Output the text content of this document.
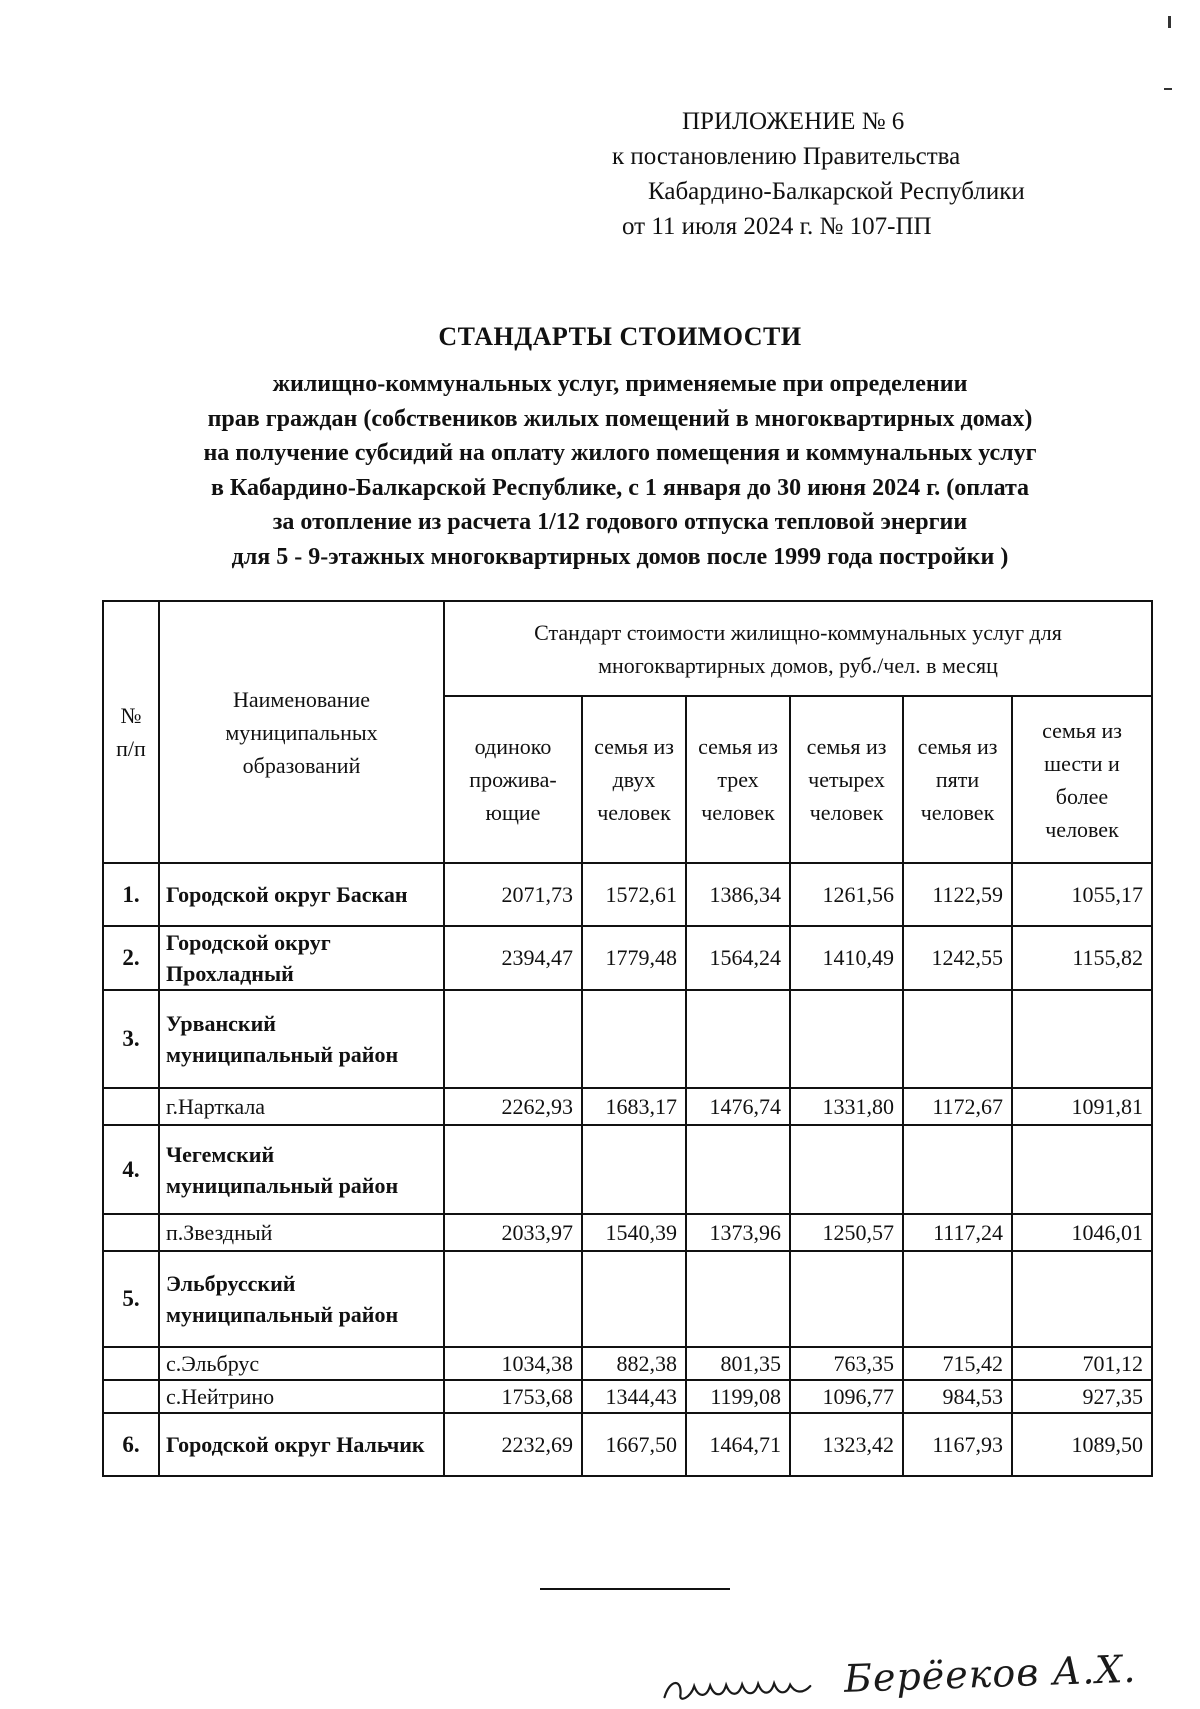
ПРИЛОЖЕНИЕ № 6
к постановлению Правительства
Кабардино-Балкарской Республики
от 11 июля 2024 г. № 107-ПП
СТАНДАРТЫ СТОИМОСТИ
жилищно-коммунальных услуг, применяемые при определении
прав граждан (собствеников жилых помещений в многоквартирных домах)
на получение субсидий на оплату жилого помещения и коммунальных услуг
в Кабардино-Балкарской Республике, с 1 января до 30 июня 2024 г. (оплата
за отопление из расчета 1/12 годового отпуска тепловой энергии
для 5 - 9-этажных многоквартирных домов после 1999 года постройки )
№ п/п	Наименование муниципальных образований	Стандарт стоимости жилищно-коммунальных услуг для многоквартирных домов, руб./чел. в месяц					
		одиноко прожива-ющие	семья из двух человек	семья из трех человек	семья из четырех человек	семья из пяти человек	семья из шести и более человек
1.	Городской округ Баскан	2071,73	1572,61	1386,34	1261,56	1122,59	1055,17
2.	Городской округ Прохладный	2394,47	1779,48	1564,24	1410,49	1242,55	1155,82
3.	Урванский муниципальный район						
	г.Нарткала	2262,93	1683,17	1476,74	1331,80	1172,67	1091,81
4.	Чегемский муниципальный район						
	п.Звездный	2033,97	1540,39	1373,96	1250,57	1117,24	1046,01
5.	Эльбрусский муниципальный район						
	с.Эльбрус	1034,38	882,38	801,35	763,35	715,42	701,12
	с.Нейтрино	1753,68	1344,43	1199,08	1096,77	984,53	927,35
6.	Городской округ Нальчик	2232,69	1667,50	1464,71	1323,42	1167,93	1089,50
Берёеков А.Х.
